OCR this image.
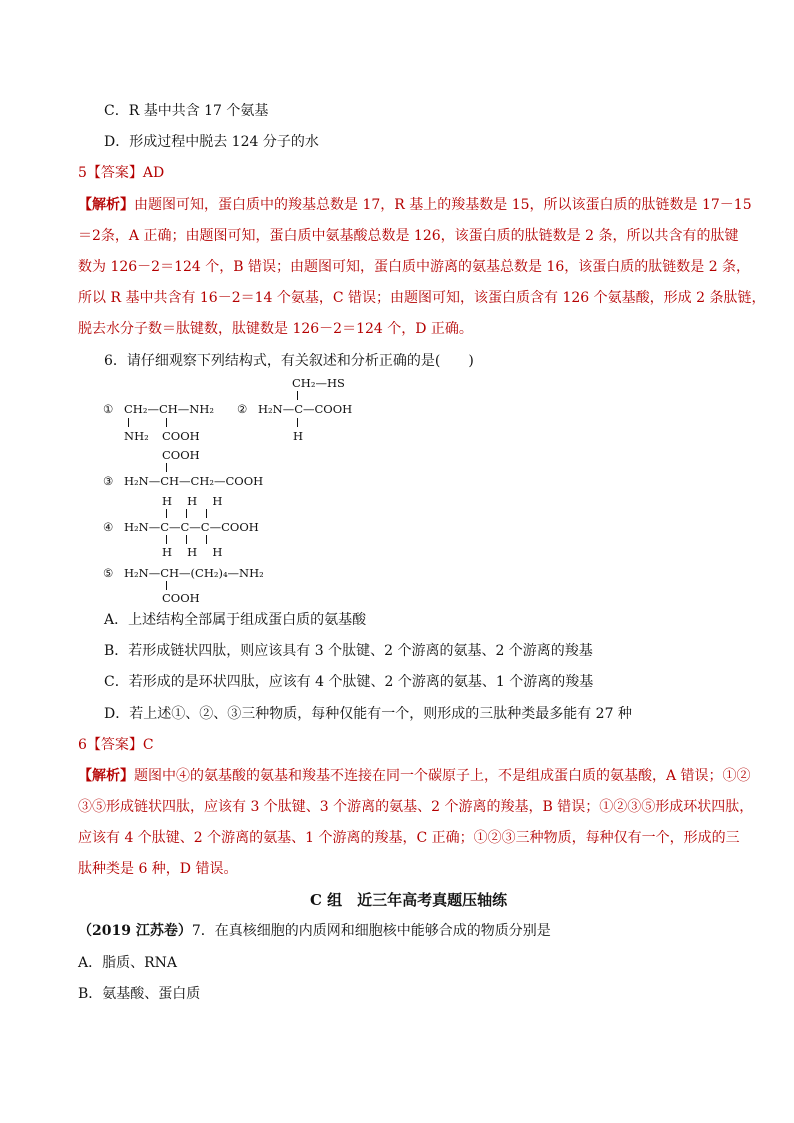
C．R 基中共含 17 个氨基
D．形成过程中脱去 124 分子的水
5【答案】AD
【解析】由题图可知，蛋白质中的羧基总数是 17，R 基上的羧基数是 15，所以该蛋白质的肽链数是 17－15
＝2条，A 正确；由题图可知，蛋白质中氨基酸总数是 126，该蛋白质的肽链数是 2 条，所以共含有的肽键
数为 126－2＝124 个，B 错误；由题图可知，蛋白质中游离的氨基总数是 16，该蛋白质的肽链数是 2 条，
所以 R 基中共含有 16－2＝14 个氨基，C 错误；由题图可知，该蛋白质含有 126 个氨基酸，形成 2 条肽链，
脱去水分子数＝肽键数，肽键数是 126－2＝124 个，D 正确。
6．请仔细观察下列结构式，有关叙述和分析正确的是(　　)
CH₂—HS
① CH₂—CH—NH₂ ② H₂N—C—COOH
NH₂ COOH	H
COOH
③ H₂N—CH—CH₂—COOH
H　 H　 H
④ H₂N—C—C—C—COOH
H　 H　 H
⑤ H₂N—CH—(CH₂)₄—NH₂
COOH
A．上述结构全部属于组成蛋白质的氨基酸
B．若形成链状四肽，则应该具有 3 个肽键、2 个游离的氨基、2 个游离的羧基
C．若形成的是环状四肽，应该有 4 个肽键、2 个游离的氨基、1 个游离的羧基
D．若上述①、②、③三种物质，每种仅能有一个，则形成的三肽种类最多能有 27 种
6【答案】C
【解析】题图中④的氨基酸的氨基和羧基不连接在同一个碳原子上，不是组成蛋白质的氨基酸，A 错误；①②
③⑤形成链状四肽，应该有 3 个肽键、3 个游离的氨基、2 个游离的羧基，B 错误；①②③⑤形成环状四肽，
应该有 4 个肽键、2 个游离的氨基、1 个游离的羧基，C 正确；①②③三种物质，每种仅有一个，形成的三
肽种类是 6 种，D 错误。
C 组　近三年高考真题压轴练
（2019 江苏卷）7．在真核细胞的内质网和细胞核中能够合成的物质分别是
A．脂质、RNA
B．氨基酸、蛋白质
